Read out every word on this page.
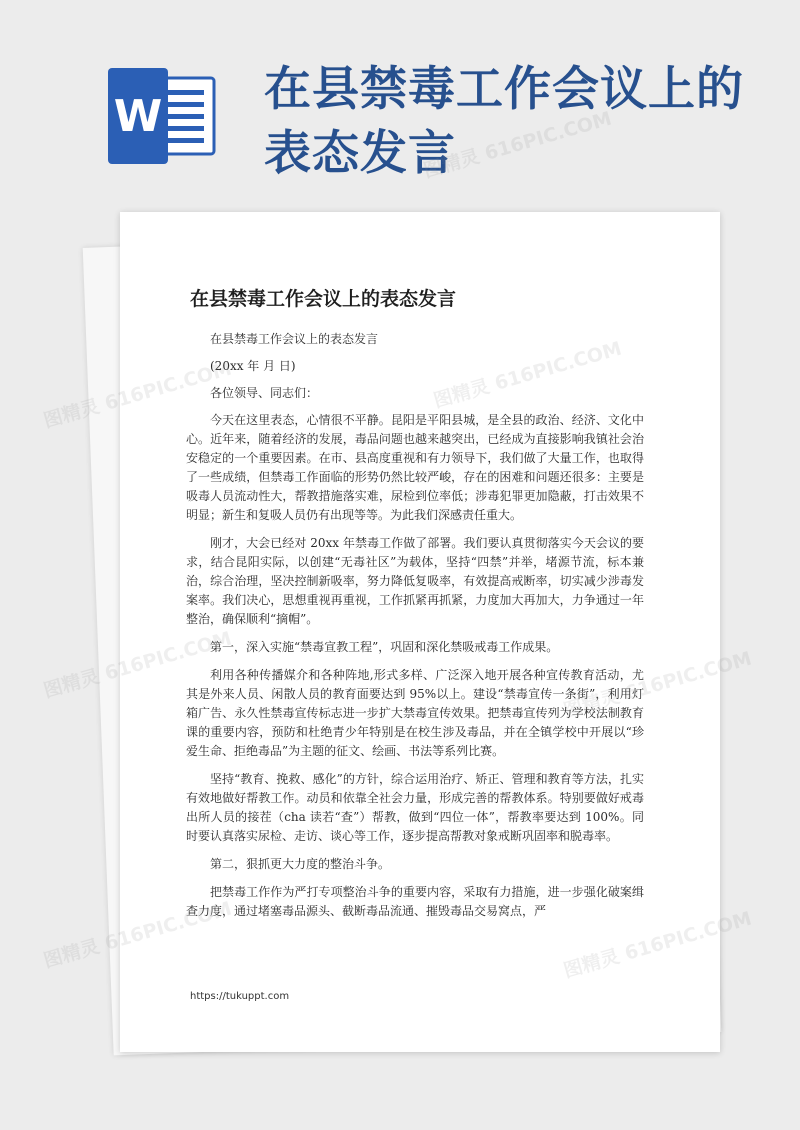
W 在县禁毒工作会议上的表态发言
在县禁毒工作会议上的表态发言

在县禁毒工作会议上的表态发言

(20xx 年 月 日)

各位领导、同志们：

今天在这里表态，心情很不平静。昆阳是平阳县城，是全县的政治、经济、文化中心。近年来，随着经济的发展，毒品问题也越来越突出，已经成为直接影响我镇社会治安稳定的一个重要因素。在市、县高度重视和有力领导下，我们做了大量工作，也取得了一些成绩，但禁毒工作面临的形势仍然比较严峻，存在的困难和问题还很多：主要是吸毒人员流动性大，帮教措施落实难，尿检到位率低；涉毒犯罪更加隐蔽，打击效果不明显；新生和复吸人员仍有出现等等。为此我们深感责任重大。

刚才，大会已经对 20xx 年禁毒工作做了部署。我们要认真贯彻落实今天会议的要求，结合昆阳实际，以创建“无毒社区”为载体，坚持“四禁”并举，堵源节流，标本兼治，综合治理，坚决控制新吸率，努力降低复吸率，有效提高戒断率，切实减少涉毒发案率。我们决心，思想重视再重视，工作抓紧再抓紧，力度加大再加大，力争通过一年整治，确保顺利“摘帽”。

第一，深入实施“禁毒宣教工程”，巩固和深化禁吸戒毒工作成果。

利用各种传播媒介和各种阵地,形式多样、广泛深入地开展各种宣传教育活动，尤其是外来人员、闲散人员的教育面要达到 95%以上。建设“禁毒宣传一条街”，利用灯箱广告、永久性禁毒宣传标志进一步扩大禁毒宣传效果。把禁毒宣传列为学校法制教育课的重要内容，预防和杜绝青少年特别是在校生涉及毒品，并在全镇学校中开展以“珍爱生命、拒绝毒品”为主题的征文、绘画、书法等系列比赛。

坚持“教育、挽救、感化”的方针，综合运用治疗、矫正、管理和教育等方法，扎实有效地做好帮教工作。动员和依靠全社会力量，形成完善的帮教体系。特别要做好戒毒出所人员的接茬（cha 读若“查”）帮教，做到“四位一体”，帮教率要达到 100%。同时要认真落实尿检、走访、谈心等工作，逐步提高帮教对象戒断巩固率和脱毒率。

第二，狠抓更大力度的整治斗争。

把禁毒工作作为严打专项整治斗争的重要内容，采取有力措施，进一步强化破案缉查力度，通过堵塞毒品源头、截断毒品流通、摧毁毒品交易窝点，严

https://tukuppt.com
图精灵 616PIC.COM
图精灵
图精灵
图精灵
